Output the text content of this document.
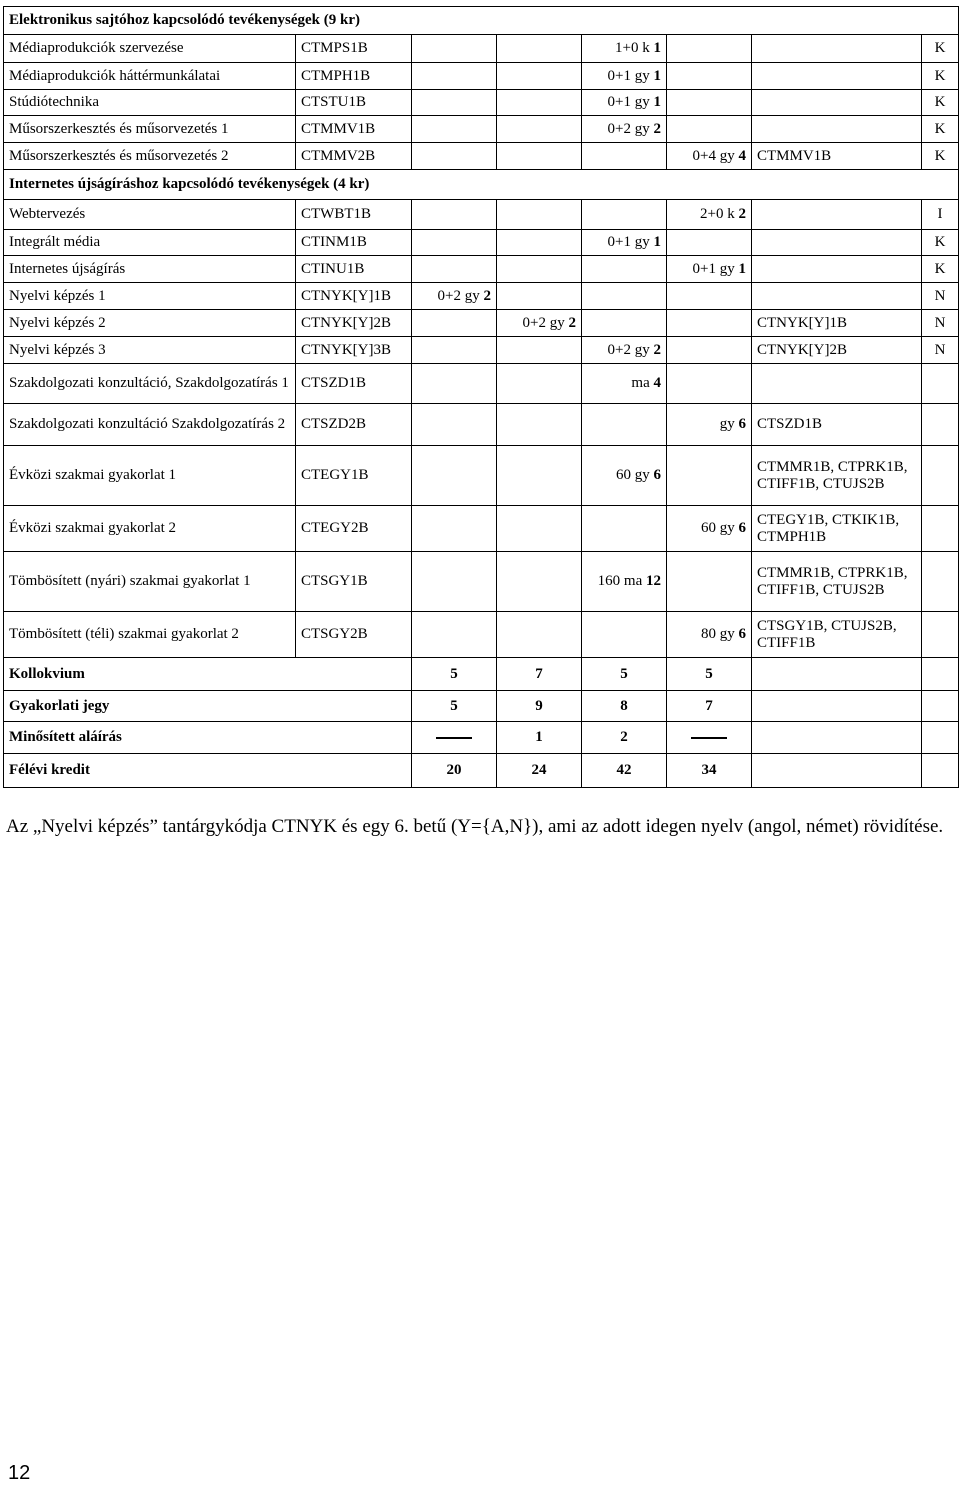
Elektronikus sajtóhoz kapcsolódó tevékenységek (9 kr)							
Médiaprodukciók szervezése	CTMPS1B			1+0 k 1			K
Médiaprodukciók háttérmunkálatai	CTMPH1B			0+1 gy 1			K
Stúdiótechnika	CTSTU1B			0+1 gy 1			K
Műsorszerkesztés és műsorvezetés 1	CTMMV1B			0+2 gy 2			K
Műsorszerkesztés és műsorvezetés 2	CTMMV2B				0+4 gy 4	CTMMV1B	K
Internetes újságíráshoz kapcsolódó tevékenységek (4 kr)							
Webtervezés	CTWBT1B				2+0 k 2		I
Integrált média	CTINM1B			0+1 gy 1			K
Internetes újságírás	CTINU1B				0+1 gy 1		K
Nyelvi képzés 1	CTNYK[Y]1B	0+2 gy 2					N
Nyelvi képzés 2	CTNYK[Y]2B		0+2 gy 2			CTNYK[Y]1B	N
Nyelvi képzés 3	CTNYK[Y]3B			0+2 gy 2		CTNYK[Y]2B	N
Szakdolgozati konzultáció, Szakdolgozatírás 1	CTSZD1B			ma 4			
Szakdolgozati konzultáció Szakdolgozatírás 2	CTSZD2B				gy 6	CTSZD1B	
Évközi szakmai gyakorlat 1	CTEGY1B			60 gy 6		CTMMR1B, CTPRK1B, CTIFF1B, CTUJS2B	
Évközi szakmai gyakorlat 2	CTEGY2B				60 gy 6	CTEGY1B, CTKIK1B, CTMPH1B	
Tömbösített (nyári) szakmai gyakorlat 1	CTSGY1B			160 ma 12		CTMMR1B, CTPRK1B, CTIFF1B, CTUJS2B	
Tömbösített (téli) szakmai gyakorlat 2	CTSGY2B				80 gy 6	CTSGY1B, CTUJS2B, CTIFF1B	
Kollokvium		5	7	5	5		
Gyakorlati jegy		5	9	8	7		
Minősített aláírás			1	2			
Félévi kredit		20	24	42	34		

Az „Nyelvi képzés” tantárgykódja CTNYK és egy 6. betű (Y={A,N}), ami az adott idegen nyelv (angol, német) rövidítése.

12
